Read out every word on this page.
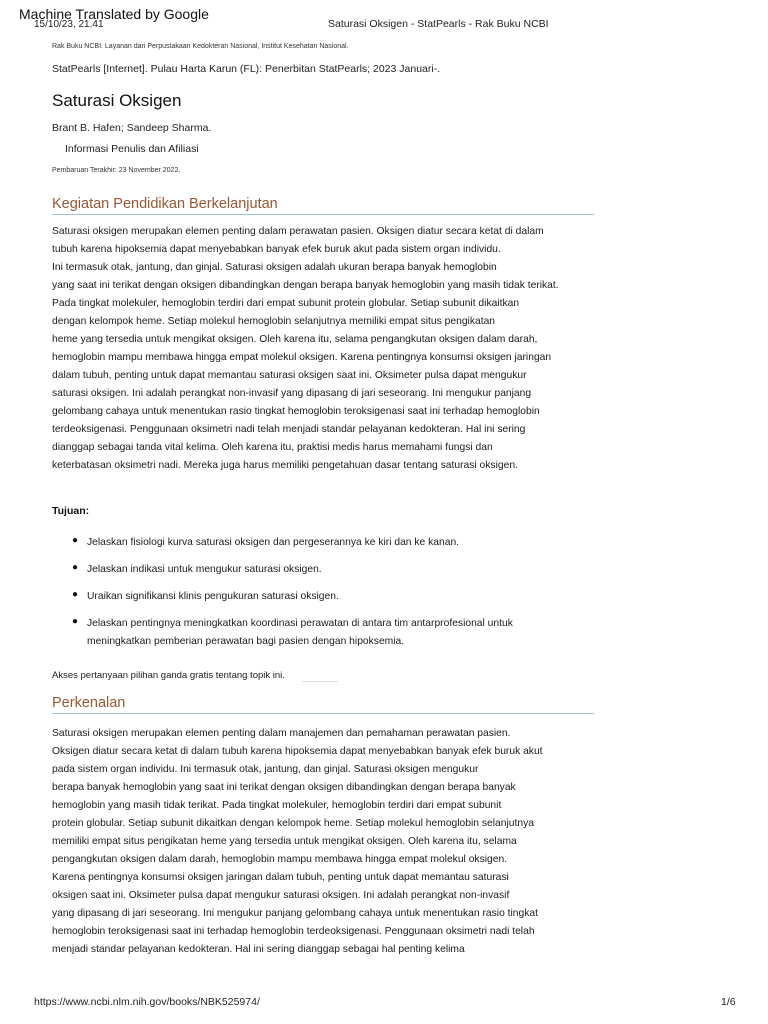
Machine Translated by Google
15/10/23, 21.41	Saturasi Oksigen - StatPearls - Rak Buku NCBI
Rak Buku NCBI. Layanan dari Perpustakaan Kedokteran Nasional, Institut Kesehatan Nasional.
StatPearls [Internet]. Pulau Harta Karun (FL): Penerbitan StatPearls; 2023 Januari-.
Saturasi Oksigen
Brant B. Hafen; Sandeep Sharma.
Informasi Penulis dan Afiliasi
Pembaruan Terakhir: 23 November 2022.
Kegiatan Pendidikan Berkelanjutan
Saturasi oksigen merupakan elemen penting dalam perawatan pasien. Oksigen diatur secara ketat di dalam
tubuh karena hipoksemia dapat menyebabkan banyak efek buruk akut pada sistem organ individu.
Ini termasuk otak, jantung, dan ginjal. Saturasi oksigen adalah ukuran berapa banyak hemoglobin
yang saat ini terikat dengan oksigen dibandingkan dengan berapa banyak hemoglobin yang masih tidak terikat.
Pada tingkat molekuler, hemoglobin terdiri dari empat subunit protein globular. Setiap subunit dikaitkan
dengan kelompok heme. Setiap molekul hemoglobin selanjutnya memiliki empat situs pengikatan
heme yang tersedia untuk mengikat oksigen. Oleh karena itu, selama pengangkutan oksigen dalam darah,
hemoglobin mampu membawa hingga empat molekul oksigen. Karena pentingnya konsumsi oksigen jaringan
dalam tubuh, penting untuk dapat memantau saturasi oksigen saat ini. Oksimeter pulsa dapat mengukur
saturasi oksigen. Ini adalah perangkat non-invasif yang dipasang di jari seseorang. Ini mengukur panjang
gelombang cahaya untuk menentukan rasio tingkat hemoglobin teroksigenasi saat ini terhadap hemoglobin
terdeoksigenasi. Penggunaan oksimetri nadi telah menjadi standar pelayanan kedokteran. Hal ini sering
dianggap sebagai tanda vital kelima. Oleh karena itu, praktisi medis harus memahami fungsi dan
keterbatasan oksimetri nadi. Mereka juga harus memiliki pengetahuan dasar tentang saturasi oksigen.
Tujuan:
● Jelaskan fisiologi kurva saturasi oksigen dan pergeserannya ke kiri dan ke kanan.
● Jelaskan indikasi untuk mengukur saturasi oksigen.
● Uraikan signifikansi klinis pengukuran saturasi oksigen.
● Jelaskan pentingnya meningkatkan koordinasi perawatan di antara tim antarprofesional untuk
meningkatkan pemberian perawatan bagi pasien dengan hipoksemia.
Akses pertanyaan pilihan ganda gratis tentang topik ini.
Perkenalan
Saturasi oksigen merupakan elemen penting dalam manajemen dan pemahaman perawatan pasien.
Oksigen diatur secara ketat di dalam tubuh karena hipoksemia dapat menyebabkan banyak efek buruk akut
pada sistem organ individu. Ini termasuk otak, jantung, dan ginjal. Saturasi oksigen mengukur
berapa banyak hemoglobin yang saat ini terikat dengan oksigen dibandingkan dengan berapa banyak
hemoglobin yang masih tidak terikat. Pada tingkat molekuler, hemoglobin terdiri dari empat subunit
protein globular. Setiap subunit dikaitkan dengan kelompok heme. Setiap molekul hemoglobin selanjutnya
memiliki empat situs pengikatan heme yang tersedia untuk mengikat oksigen. Oleh karena itu, selama
pengangkutan oksigen dalam darah, hemoglobin mampu membawa hingga empat molekul oksigen.
Karena pentingnya konsumsi oksigen jaringan dalam tubuh, penting untuk dapat memantau saturasi
oksigen saat ini. Oksimeter pulsa dapat mengukur saturasi oksigen. Ini adalah perangkat non-invasif
yang dipasang di jari seseorang. Ini mengukur panjang gelombang cahaya untuk menentukan rasio tingkat
hemoglobin teroksigenasi saat ini terhadap hemoglobin terdeoksigenasi. Penggunaan oksimetri nadi telah
menjadi standar pelayanan kedokteran. Hal ini sering dianggap sebagai hal penting kelima
https://www.ncbi.nlm.nih.gov/books/NBK525974/	1/6
